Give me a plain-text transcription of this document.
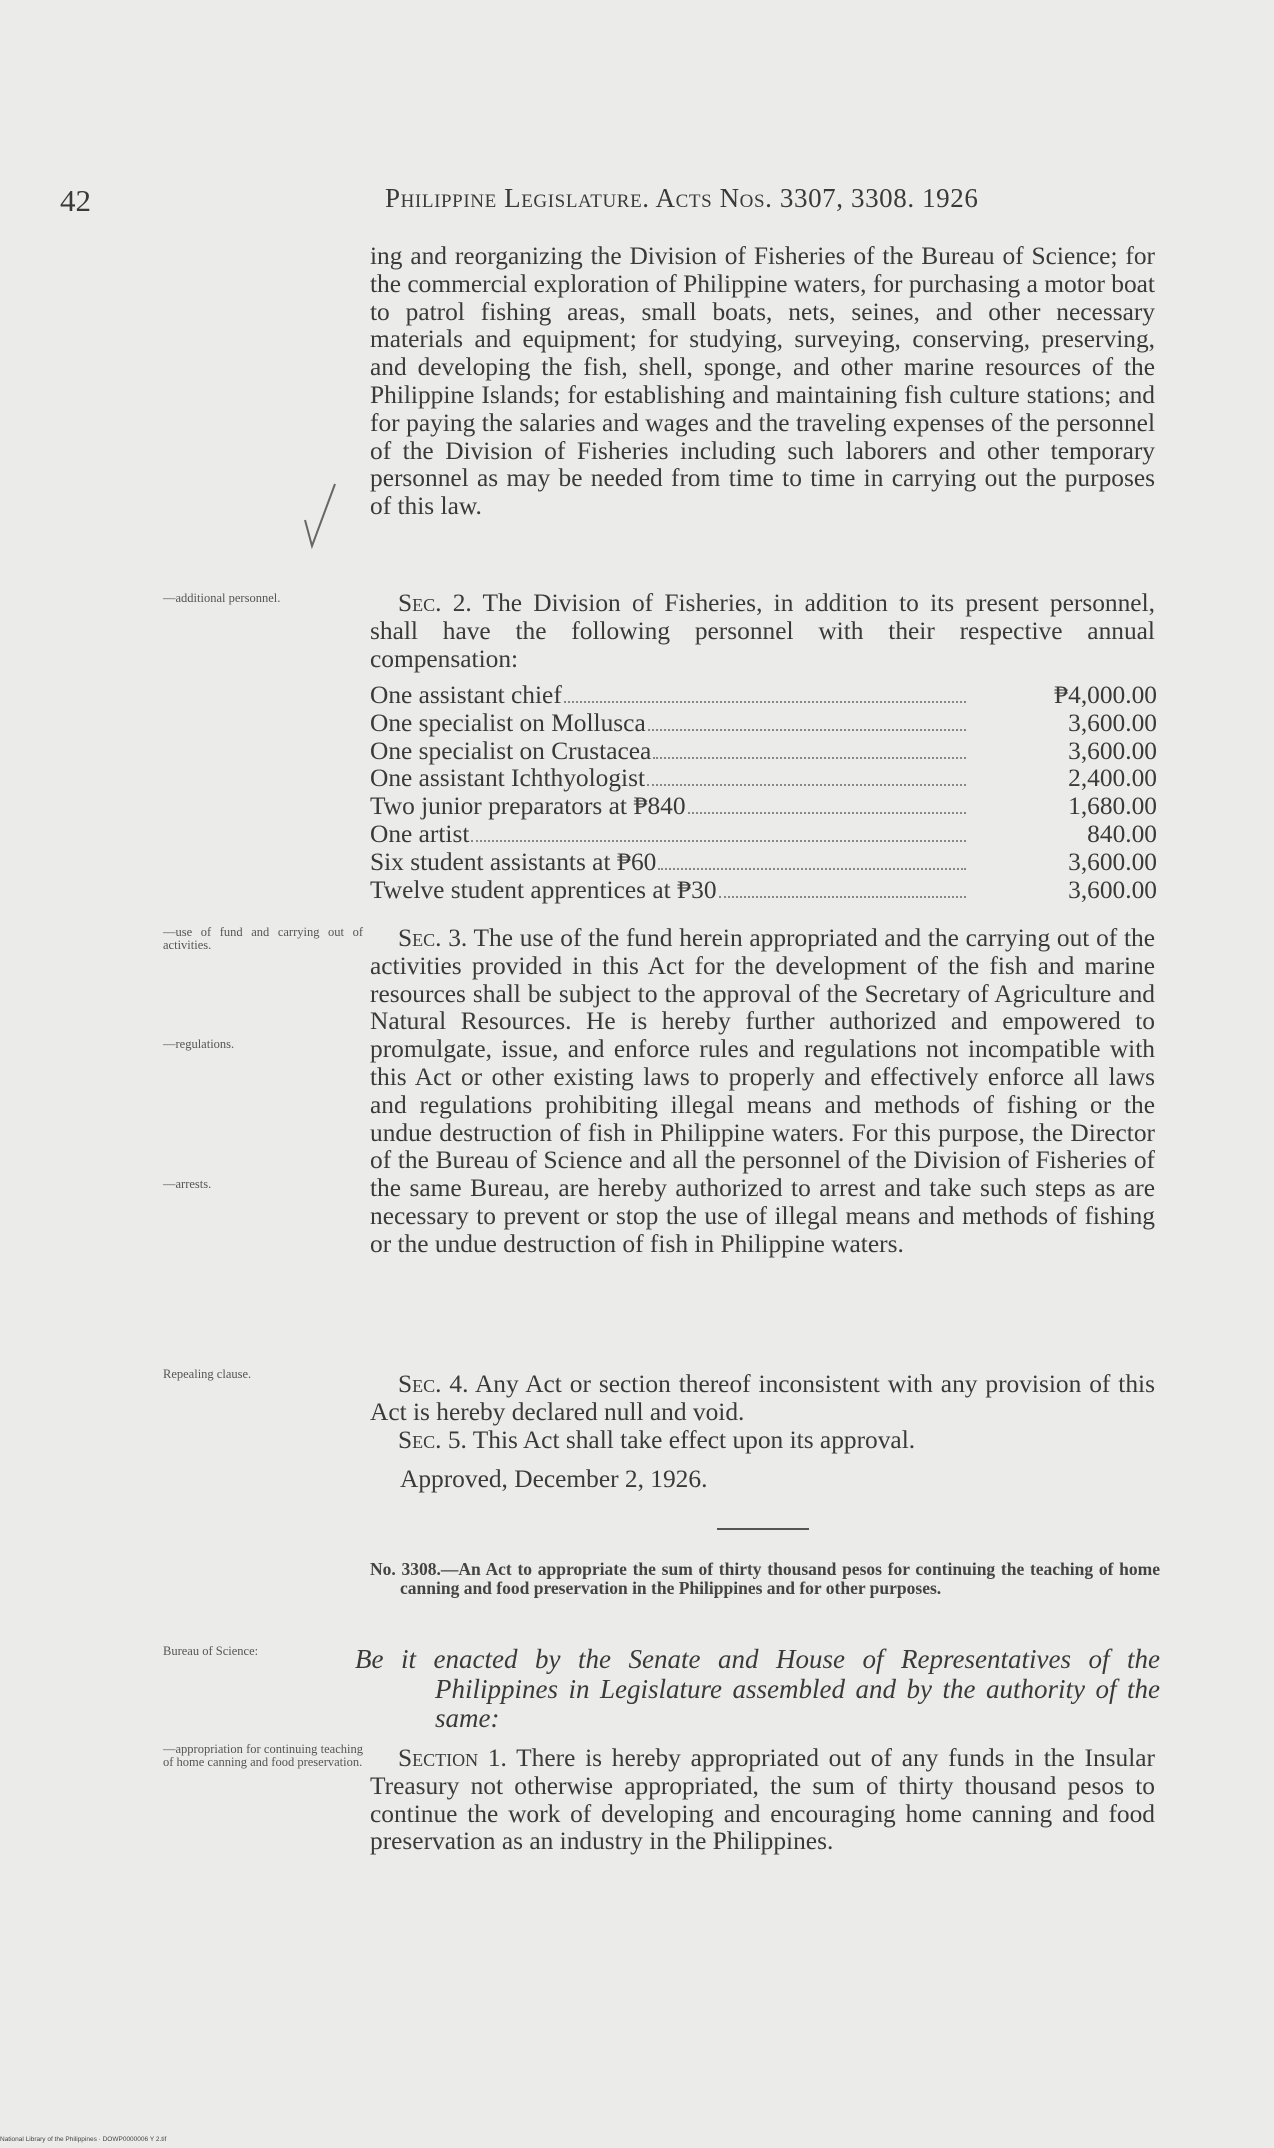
42	Philippine Legislature. Acts Nos. 3307, 3308. 1926

ing and reorganizing the Division of Fisheries of the Bureau of Science; for the commercial exploration of Philippine waters, for purchasing a motor boat to patrol fishing areas, small boats, nets, seines, and other necessary materials and equipment; for studying, surveying, conserving, preserving, and developing the fish, shell, sponge, and other marine resources of the Philippine Islands; for establishing and maintaining fish culture stations; and for paying the salaries and wages and the traveling expenses of the personnel of the Division of Fisheries including such laborers and other temporary personnel as may be needed from time to time in carrying out the purposes of this law.

—additional personnel.	Sec. 2. The Division of Fisheries, in addition to its present personnel, shall have the following personnel with their respective annual compensation:

One assistant chief	₱4,000.00

One specialist on Mollusca	3,600.00

One specialist on Crustacea	3,600.00

One assistant Ichthyologist	2,400.00

Two junior preparators at ₱840	1,680.00

One artist	840.00

Six student assistants at ₱60	3,600.00

Twelve student apprentices at ₱30	3,600.00

—use of fund and carrying out of activities.

—regulations.

—arrests.

Sec. 3. The use of the fund herein appropriated and the carrying out of the activities provided in this Act for the development of the fish and marine resources shall be subject to the approval of the Secretary of Agriculture and Natural Resources. He is hereby further authorized and empowered to promulgate, issue, and enforce rules and regulations not incompatible with this Act or other existing laws to properly and effectively enforce all laws and regulations prohibiting illegal means and methods of fishing or the undue destruction of fish in Philippine waters. For this purpose, the Director of the Bureau of Science and all the personnel of the Division of Fisheries of the same Bureau, are hereby authorized to arrest and take such steps as are necessary to prevent or stop the use of illegal means and methods of fishing or the undue destruction of fish in Philippine waters.

Repealing clause.	Sec. 4. Any Act or section thereof inconsistent with any provision of this Act is hereby declared null and void.

Sec. 5. This Act shall take effect upon its approval.

Approved, December 2, 1926.

No. 3308.—An Act to appropriate the sum of thirty thousand pesos for continuing the teaching of home canning and food preservation in the Philippines and for other purposes.

Bureau of Science:	Be it enacted by the Senate and House of Representatives of the Philippines in Legislature assembled and by the authority of the same:

—appropriation for continuing teaching of home canning and food preservation.	Section 1. There is hereby appropriated out of any funds in the Insular Treasury not otherwise appropriated, the sum of thirty thousand pesos to continue the work of developing and encouraging home canning and food preservation as an industry in the Philippines.

National Library of the Philippines · DOWP0000006 Y 2.tif
